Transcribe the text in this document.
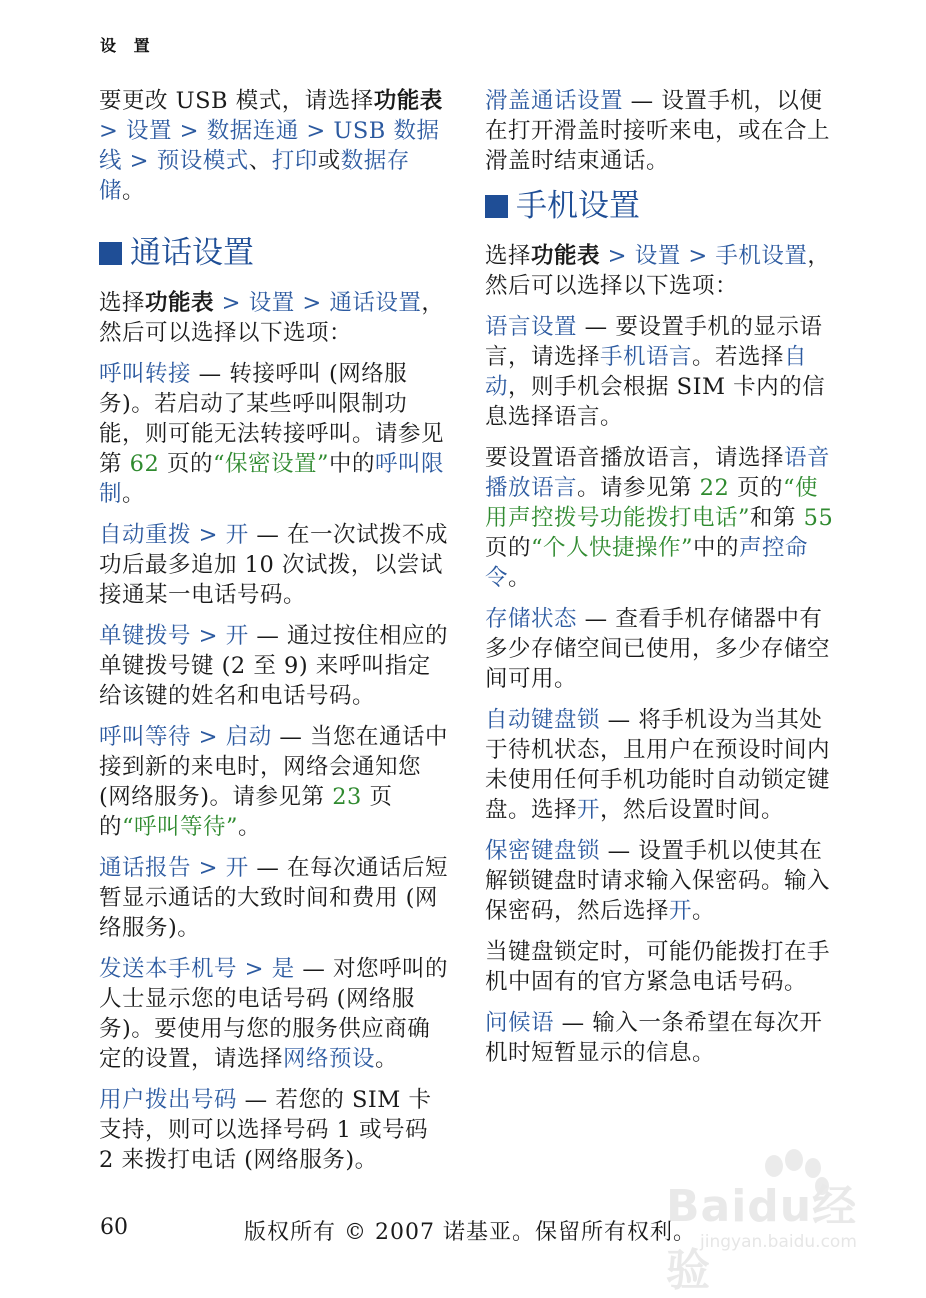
设 置

要更改 USB 模式，请选择功能表 > 设置 > 数据连通 > USB 数据线 > 预设模式、打印或数据存储。

通话设置

选择功能表 > 设置 > 通话设置，然后可以选择以下选项：

呼叫转接 — 转接呼叫 (网络服务)。若启动了某些呼叫限制功能，则可能无法转接呼叫。请参见第 62 页的“保密设置”中的呼叫限制。

自动重拨 > 开 — 在一次试拨不成功后最多追加 10 次试拨，以尝试接通某一电话号码。

单键拨号 > 开 — 通过按住相应的单键拨号键 (2 至 9) 来呼叫指定给该键的姓名和电话号码。

呼叫等待 > 启动 — 当您在通话中接到新的来电时，网络会通知您 (网络服务)。请参见第 23 页的“呼叫等待”。

通话报告 > 开 — 在每次通话后短暂显示通话的大致时间和费用 (网络服务)。

发送本手机号 > 是 — 对您呼叫的人士显示您的电话号码 (网络服务)。要使用与您的服务供应商确定的设置，请选择网络预设。

用户拨出号码 — 若您的 SIM 卡支持，则可以选择号码 1 或号码 2 来拨打电话 (网络服务)。

滑盖通话设置 — 设置手机，以便在打开滑盖时接听来电，或在合上滑盖时结束通话。

手机设置

选择功能表 > 设置 > 手机设置，然后可以选择以下选项：

语言设置 — 要设置手机的显示语言，请选择手机语言。若选择自动，则手机会根据 SIM 卡内的信息选择语言。

要设置语音播放语言，请选择语音播放语言。请参见第 22 页的“使用声控拨号功能拨打电话”和第 55 页的“个人快捷操作”中的声控命令。

存储状态 — 查看手机存储器中有多少存储空间已使用，多少存储空间可用。

自动键盘锁 — 将手机设为当其处于待机状态，且用户在预设时间内未使用任何手机功能时自动锁定键盘。选择开，然后设置时间。

保密键盘锁 — 设置手机以使其在解锁键盘时请求输入保密码。输入保密码，然后选择开。

当键盘锁定时，可能仍能拨打在手机中固有的官方紧急电话号码。

问候语 — 输入一条希望在每次开机时短暂显示的信息。

Baidu经验
jingyan.baidu.com
60	版权所有 © 2007 诺基亚。保留所有权利。
